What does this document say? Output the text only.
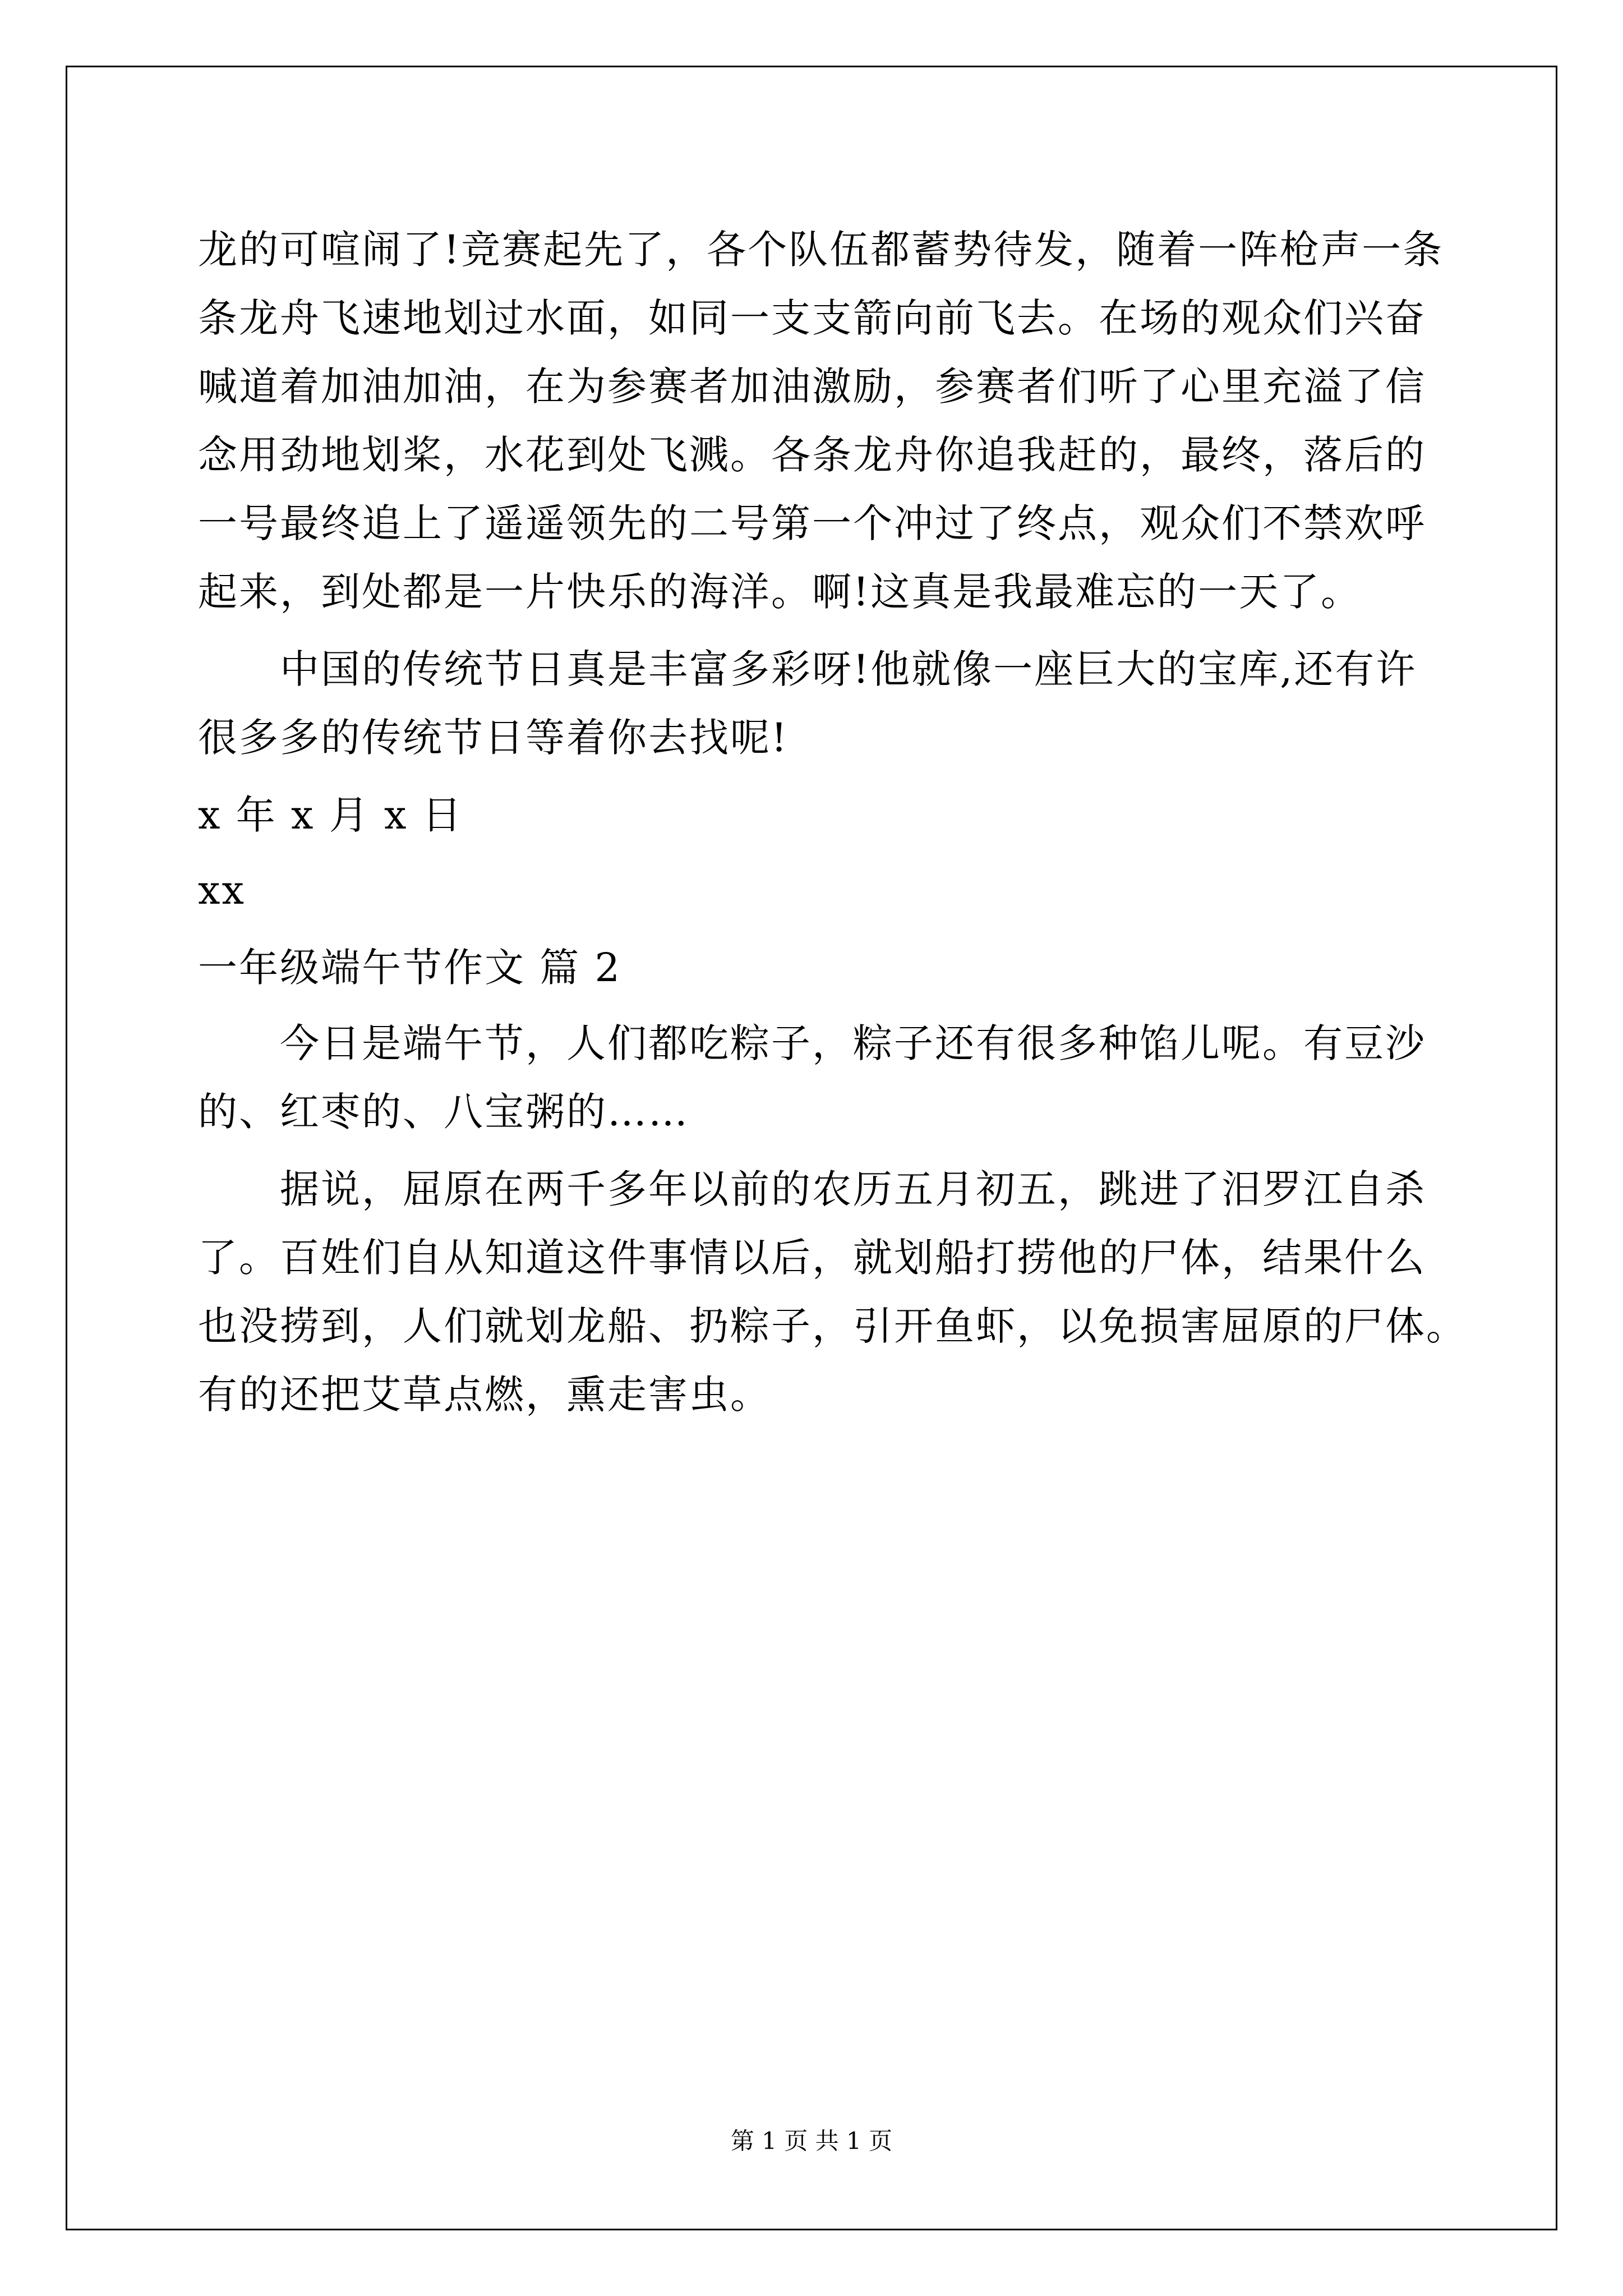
龙的可喧闹了!竞赛起先了，各个队伍都蓄势待发，随着一阵枪声一条
条龙舟飞速地划过水面，如同一支支箭向前飞去。在场的观众们兴奋
喊道着加油加油，在为参赛者加油激励，参赛者们听了心里充溢了信
念用劲地划桨，水花到处飞溅。各条龙舟你追我赶的，最终，落后的
一号最终追上了遥遥领先的二号第一个冲过了终点，观众们不禁欢呼
起来，到处都是一片快乐的海洋。啊!这真是我最难忘的一天了。
中国的传统节日真是丰富多彩呀!他就像一座巨大的宝库,还有许
很多多的传统节日等着你去找呢!
x 年 x 月 x 日
xx
一年级端午节作文 篇 2
今日是端午节，人们都吃粽子，粽子还有很多种馅儿呢。有豆沙
的、红枣的、八宝粥的……
据说，屈原在两千多年以前的农历五月初五，跳进了汨罗江自杀
了。百姓们自从知道这件事情以后，就划船打捞他的尸体，结果什么
也没捞到，人们就划龙船、扔粽子，引开鱼虾，以免损害屈原的尸体。
有的还把艾草点燃，熏走害虫。
第 1 页 共 1 页
